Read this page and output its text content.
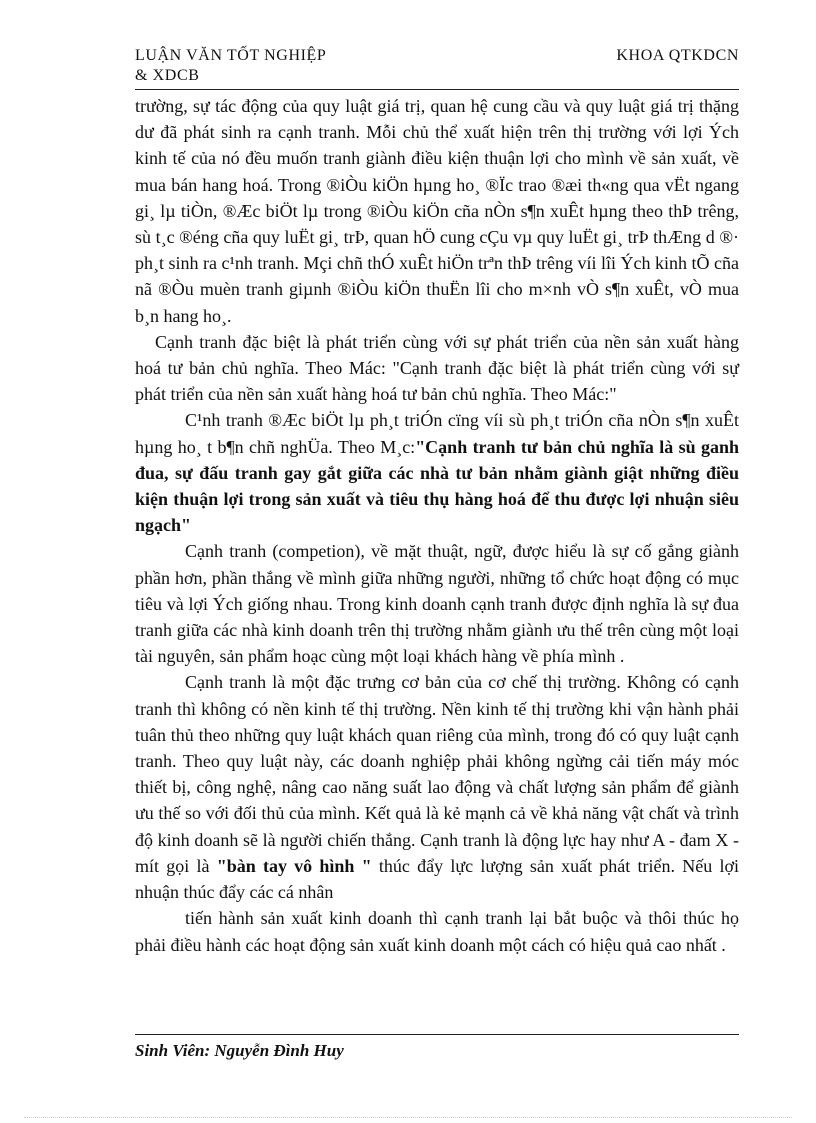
LUẬN VĂN TỐT NGHIỆP
& XDCB
KHOA QTKDCN

trường, sự tác động của quy luật giá trị, quan hệ cung cầu và quy luật giá trị thặng dư đã phát sinh ra cạnh tranh. Mỗi chủ thể xuất hiện trên thị trường với lợi Ých kinh tế của nó đều muốn tranh giành điều kiện thuận lợi cho mình về sản xuất, về mua bán hang hoá. Trong ®iÒu kiÖn hµng ho¸ ®Ïc trao ®æi th«ng qua vËt ngang gi¸ lµ tiÒn, ®Æc biÖt lµ trong ®iÒu kiÖn cña nÒn s¶n xuÊt hµng theo thÞ trêng, sù t¸c ®éng cña quy luËt gi¸ trÞ, quan hÖ cung cÇu vµ quy luËt gi¸ trÞ thÆng d ®· ph¸t sinh ra c¹nh tranh. Mçi chñ thÓ xuÊt hiÖn trªn thÞ trêng víi lîi Ých kinh tÕ cña nã ®Òu muèn tranh giµnh ®iÒu kiÖn thuËn lîi cho m×nh vÒ s¶n xuÊt, vÒ mua b¸n hang ho¸.

Cạnh tranh đặc biệt là phát triển cùng với sự phát triển của nền sản xuất hàng hoá tư bản chủ nghĩa. Theo Mác: "Cạnh tranh đặc biệt là phát triển cùng với sự phát triển của nền sản xuất hàng hoá tư bản chủ nghĩa. Theo Mác:"

C¹nh tranh ®Æc biÖt lµ ph¸t triÓn cïng víi sù ph¸t triÓn cña nÒn s¶n xuÊt hµng ho¸ t b¶n chñ nghÜa. Theo M¸c:"Cạnh tranh tư bản chủ nghĩa là sù ganh đua, sự đấu tranh gay gắt giữa các nhà tư bản nhằm giành giật những điều kiện thuận lợi trong sản xuất và tiêu thụ hàng hoá để thu được lợi nhuận siêu ngạch"

Cạnh tranh (competion), về mặt thuật, ngữ, được hiểu là sự cố gắng giành phần hơn, phần thắng về mình giữa những người, những tổ chức hoạt động có mục tiêu và lợi Ých giống nhau. Trong kinh doanh cạnh tranh được định nghĩa là sự đua tranh giữa các nhà kinh doanh trên thị trường nhằm giành ưu thế trên cùng một loại tài nguyên, sản phẩm hoạc cùng một loại khách hàng về phía mình .

Cạnh tranh là một đặc trưng cơ bản của cơ chế thị trường. Không có cạnh tranh thì không có nền kinh tế thị trường. Nền kinh tế thị trường khi vận hành phải tuân thủ theo những quy luật khách quan riêng của mình, trong đó có quy luật cạnh tranh. Theo quy luật này, các doanh nghiệp phải không ngừng cải tiến máy móc thiết bị, công nghệ, nâng cao năng suất lao động và chất lượng sản phẩm để giành ưu thế so với đối thủ của mình. Kết quả là kẻ mạnh cả về khả năng vật chất và trình độ kinh doanh sẽ là người chiến thắng. Cạnh tranh là động lực hay như A - đam X - mít gọi là "bàn tay vô hình " thúc đẩy lực lượng sản xuất phát triển. Nếu lợi nhuận thúc đẩy các cá nhân

tiến hành sản xuất kinh doanh thì cạnh tranh lại bắt buộc và thôi thúc họ phải điều hành các hoạt động sản xuất kinh doanh một cách có hiệu quả cao nhất .

Sinh Viên: Nguyễn Đình Huy
